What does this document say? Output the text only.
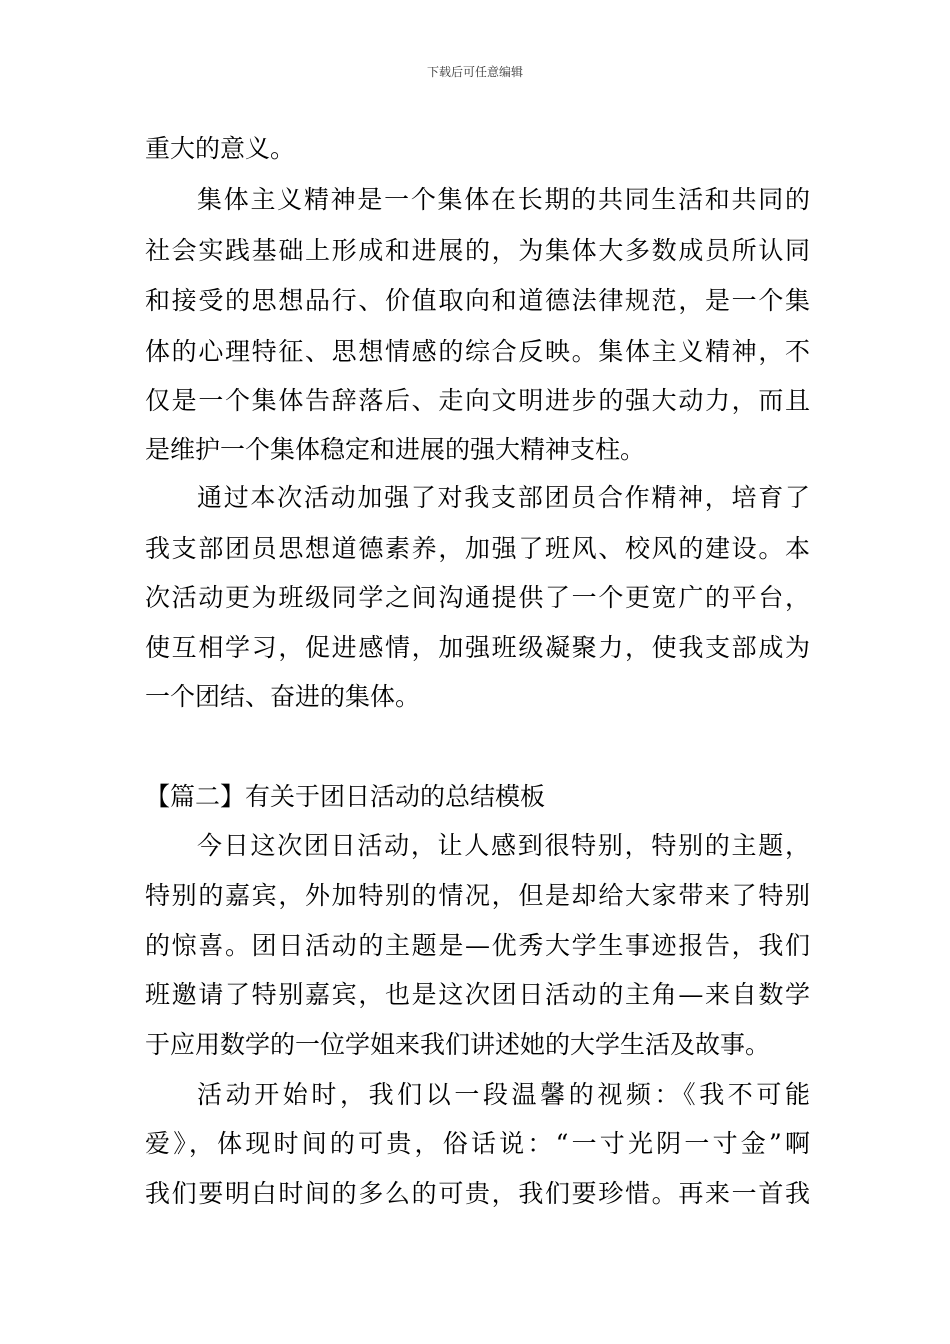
下载后可任意编辑
重大的意义。
集体主义精神是一个集体在长期的共同生活和共同的
社会实践基础上形成和进展的，为集体大多数成员所认同
和接受的思想品行、价值取向和道德法律规范，是一个集
体的心理特征、思想情感的综合反映。集体主义精神，不
仅是一个集体告辞落后、走向文明进步的强大动力，而且
是维护一个集体稳定和进展的强大精神支柱。
通过本次活动加强了对我支部团员合作精神，培育了
我支部团员思想道德素养，加强了班风、校风的建设。本
次活动更为班级同学之间沟通提供了一个更宽广的平台，
使互相学习，促进感情，加强班级凝聚力，使我支部成为
一个团结、奋进的集体。
【篇二】有关于团日活动的总结模板
今日这次团日活动，让人感到很特别，特别的主题，
特别的嘉宾，外加特别的情况，但是却给大家带来了特别
的惊喜。团日活动的主题是—优秀大学生事迹报告，我们
班邀请了特别嘉宾，也是这次团日活动的主角—来自数学
于应用数学的一位学姐来我们讲述她的大学生活及故事。
活动开始时，我们以一段温馨的视频：《我不可能
爱》，体现时间的可贵，俗话说：“一寸光阴一寸金”啊
我们要明白时间的多么的可贵，我们要珍惜。再来一首我
